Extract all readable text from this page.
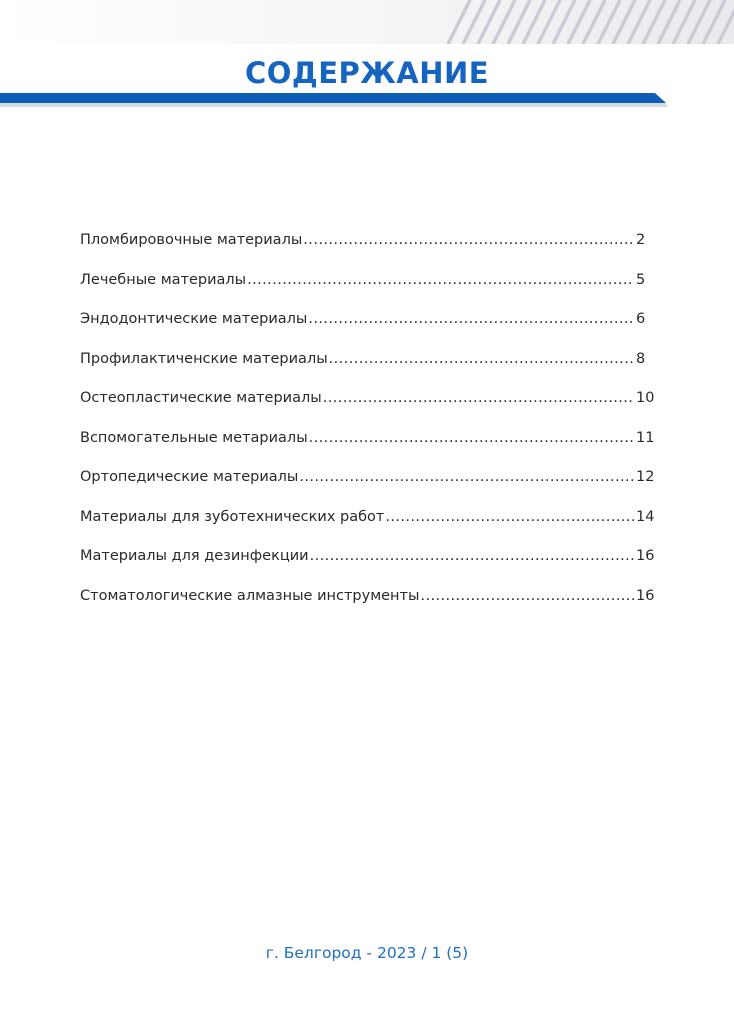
СОДЕРЖАНИЕ
Пломбировочные материалы .....	2
Лечебные материалы .....	5
Эндодонтические материалы .....	6
Профилактиченские материалы .....	8
Остеопластические материалы .....	10
Вспомогательные метариалы .....	11
Ортопедические материалы .....	12
Материалы для зуботехнических работ .....	14
Материалы для дезинфекции .....	16
Стоматологические алмазные инструменты .....	16

г. Белгород - 2023 / 1 (5)
